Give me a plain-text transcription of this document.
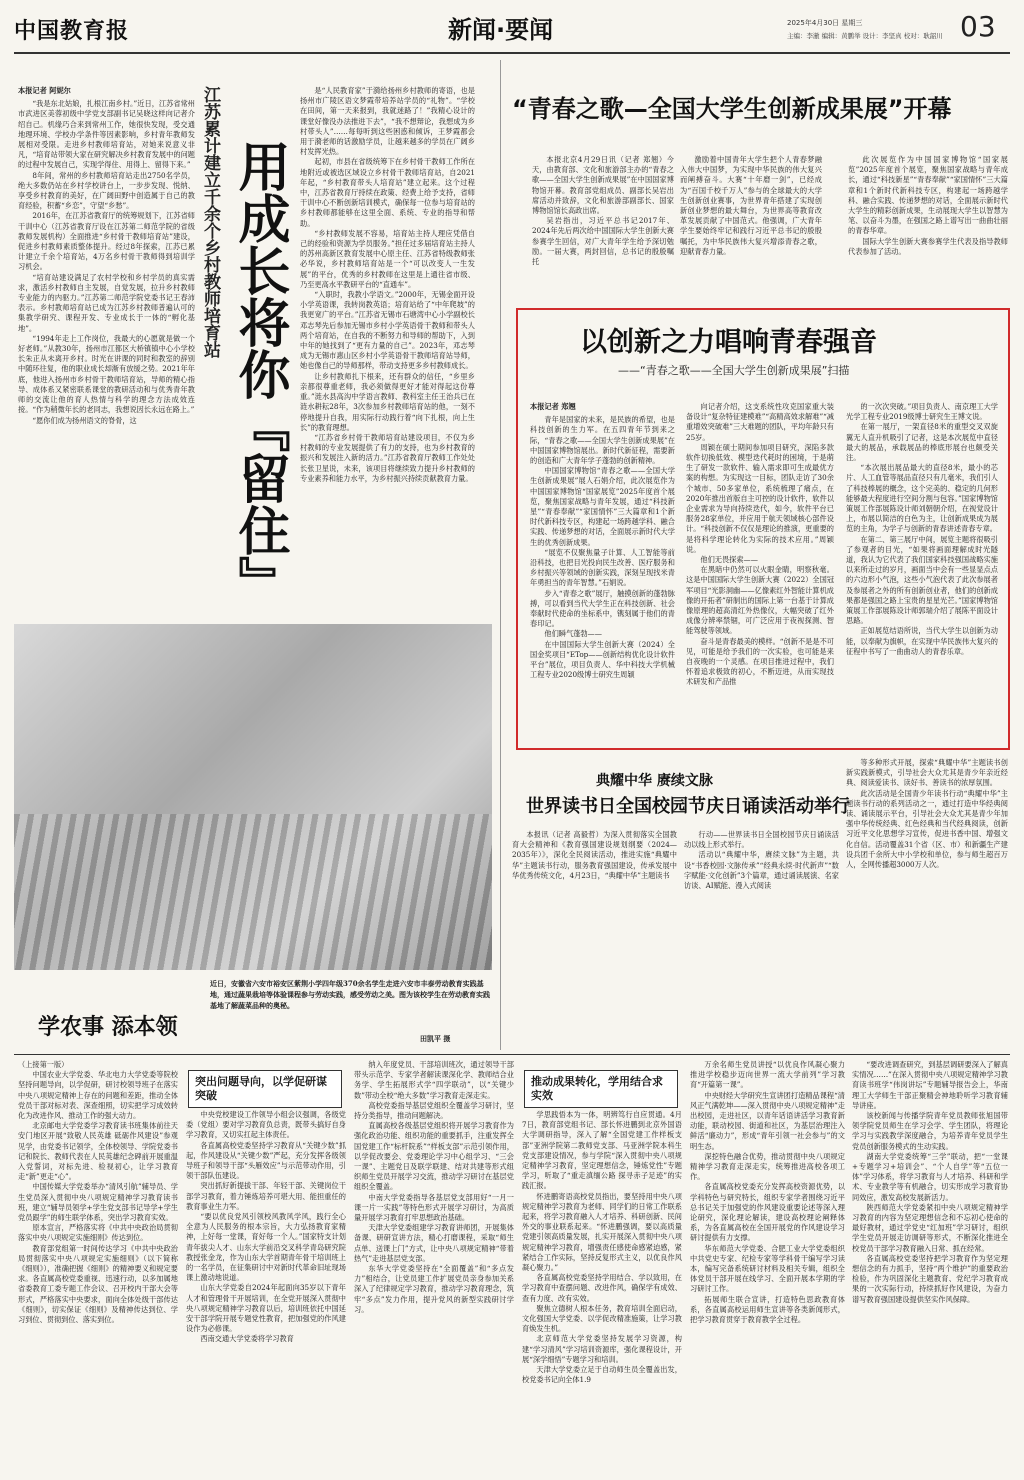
中国教育报	新闻·要闻	2025年4月30日 星期三
主编：李澈 编辑：黄鹏举 设计：李坚真 校对：耿韶川 03

本报记者 阿妮尔

“我是东北姑娘，扎根江南乡村。”近日，江苏省常州市武进区美蓉初级中学党支部副书记吴晓这样向记者介绍自己。机缘巧合来到常州工作，她很快发现，受交通地理环境、学校办学条件等因素影响，乡村青年教师发展相对受限。走进乡村教师培育站，对她来说意义非凡，“培育站带领大家在研究解决乡村教育发展中的问题的过程中发展自己，实现学得住、用得上、留得下来。”

8年间，常州的乡村教师培育站走出2750名学员，绝大多数仍站在乡村学校讲台上，一步步发现、悦纳、享受乡村教育的美好，在广阔田野中创造属于自己的教育经验，积蓄“乡恋”，守望“乡愁”。

2016年，在江苏省教育厅的统筹规划下，江苏省师干训中心（江苏省教育厅设在江苏第二师范学院的省级教师发展机构）全面推进“乡村骨干教师培育站”建设，促进乡村教师素质整体提升。经过8年探索，江苏已累计建立千余个培育站，4万名乡村骨干教师得到培训学习机会。

“培育站建设满足了农村学校和乡村学员的真实需求，激活乡村教师自主发展，自觉发展，拉升乡村教师专业能力的内驱力。”江苏第二师范学院党委书记王春沛表示。乡村教师培育站已成为江苏乡村教师普遍认可的集教学研究、课程开发、专业成长于一体的“孵化基地”。

“1994年走上工作岗位，我最大的心愿就是做一个好老师。”从教30年，扬州市江都区大桥镇镇中心小学校长朱正从未离开乡村。时光在讲课的同时和教室的辞别中随环往复，他的职业成长却渐有放缓之势。2021年年底，他进入扬州市乡村骨干教师培育站，导师的精心指导、成体系又紧密联系课堂的教研活动和与优秀青年教师的交流让他的育人热情与科学的理念方法成效连接。“作为稍微年长的老同志，我想说因长永远在路上。”

“愿你们成为扬州语文的脊骨，这	用成长将你『留住』
江苏累计建立千余个乡村教师培育站	是“人民教育家”于漪给扬州乡村教师的寄语，也是扬州市广陵区语文梦霞带培养站学员的“礼物”。“学校在田间，第一天来报到，我就迷路了！”我精心设计的课堂好像没办法推进下去”，“我不想辩论，我想成为乡村带头人”……每每听到这些困惑和倾诉，王梦霞都会用于漪老师的话激励学员，让越来越多的学员在广阔乡村发挥光热。

起初，市县在省级统筹下在乡村骨干教师工作所在地附近或被选区域设立乡村骨干教师培育站，自2021年起，“乡村教育带头人培育站”建立起来。这个过程中，江苏省教育厅持续在政策、经费上给予支持，省师干训中心不断创新培训模式，确保每一位参与培育站的乡村教师都能够在这里全面、系统、专业的指导和帮助。

“乡村教师发展不容易，培育站主持人理应凭借自己的经验和资源为学员服务。”担任过多届培育站主持人的苏州高新区教育发展中心原主任、江苏省特级教师张必华说，乡村教师培育站是一个“可以改变人一生发展”的平台，优秀的乡村教师在这里是上通往省市级、乃至更高水平教研平台的“直通车”。

“入职时，我教小学语文。”2000年，无锡金面开设小学英语课，我转岗教英语；培育站给了“中年爬坡”的我更宽广的平台。”江苏省无锡市石塘湾中心小学副校长邓志琴先后参加无锡市乡村小学英语骨干教师和带头人两个培育站，在自我的不断努力和导师的帮助下，入到中年的她找到了“更有力量的自己”。2023年，邓志琴成为无锡市惠山区乡村小学英语骨干教师培育站导师，她也像自己的导师那样，带动支持更多乡村教师成长。

让乡村教师扎下根来，还有群众的信任，“乡里乡亲都很尊重老师，我必须做得更好才能对得起这份尊重。”涟水县高沟中学语言教师、教科室主任王治兵已在涟水耕耘28年，3次参加乡村教师培育站的他，一刻不停地提升自我，用实际行动践行着“向下扎根，向上生长”的教育理想。

“江苏省乡村骨干教师培育站建设项目，不仅为乡村教师的专业发展提供了有力的支持，也为乡村教育的振兴和发展注入新的活力。”江苏省教育厅教师工作处处长张卫星说，未来，该项目将继续致力提升乡村教师的专业素养和能力水平，为乡村振兴持续贡献教育力量。

学农事 添本领
近日，安徽省六安市裕安区紫荆小学四年级370余名学生走进六安市丰泰劳动教育实践基地，通过蔬果栽培等体验课程参与劳动实践，感受劳动之美。图为该校学生在劳动教育实践基地了解蔬菜品种的奥秘。
田凯平 摄
“青春之歌—全国大学生创新成果展”开幕

本报北京4月29日讯（记者 郑翘）今天，由教育部、文化和旅游部主办的“青春之歌——全国大学生创新成果展”在中国国家博物馆开幕。教育部党组成员、副部长吴岩出席活动并致辞，文化和旅游部副部长、国家博物馆馆长高政出席。

吴岩指出，习近平总书记2017年、2024年先后两次给中国国际大学生创新大赛参赛学生回信，对广大青年学生给予深切勉励。一届大赛，两封回信，总书记的殷殷嘱托

激励着中国青年大学生把个人青春梦融入伟大中国梦，为实现中华民族的伟大复兴而阐搏奋斗。大赛“十年磨一剑”，已经成为“百国千校千万人”参与的全球最大的大学生创新创业赛事，为世界青年搭建了实现创新创业梦想的最大舞台，为世界高等教育改革发展贡献了中国范式。他强调，广大青年学生要始终牢记和践行习近平总书记的殷殷嘱托，为中华民族伟大复兴增添青春之歌，迎献青春力量。

此次展览作为中国国家博物馆“国家展览”2025年度首个展览，聚焦国家战略与青年成长，通过“科技新星”“青春奉献”“家国情怀”三大篇章和1个新时代新科技专区，构建起一场跨越学科、融合实践、传递梦想的对话，全面展示新时代大学生的精彩创新成果，生动展现大学生以智慧为笔、以奋斗为墨，在强国之路上谱写出一曲曲壮丽的青春华章。

国际大学生创新大赛参赛学生代表及指导教师代表参加了活动。

以创新之力唱响青春强音
——“青春之歌——全国大学生创新成果展”扫描

本报记者 郑翘

青年是国家的未来，是民族的希望，也是科技创新的生力军。在五四青年节到来之际，“青春之歌——全国大学生创新成果展”在中国国家博物馆展出。新时代新征程，需要新的创造和广大青年学子蓬勃的创新精神。

中国国家博物馆“青春之歌——全国大学生创新成果展”展人石娟介绍，此次展览作为中国国家博物馆“国家展览”2025年度首个展览，聚焦国家战略与青年发展，通过“科技新星”“青春奉献”“家国情怀”三大篇章和1个新时代新科技专区，构建起一场跨越学科、融合实践、传递梦想的对话，全面展示新时代大学生的优秀创新成果。

“展览不仅聚焦量子计算、人工智能等前沿科技，也把目光投向民生改善、医疗服务和乡村振兴等领域的创新实践，深刻呈现找米青年勇担当的青年智慧。”石娟说。

步入“青春之歌”展厅，触摸创新的蓬勃脉搏，可以看到当代大学生正在科技创新、社会奉献时代使命的坐标系中，镌刻属于他们的青春印记。

他们瞬气蓬勃——

在中国国际大学生创新大赛（2024）全国金奖项目“ETop——创新结构优化设计软件平台”展位，项目负责人、华中科技大学机械工程专业2020级博士研究生周颖

向记者介绍，这支系统性攻克国家重大装备设计“复杂特征建模难”“高精高效求解难”“减重增效突破难”三大难题的团队，平均年龄只有25岁。

周颖在硕士期间参加项目研究，深陷多款软件切换低效、模型迭代耗时的困境，于是萌生了研发一款软件、输入需求即可生成最优方案的构想。为实现这一目标，团队走访了30余个城市、50多家单位，系统梳理了痛点，在2020年推出首版自主可控的设计软件，软件以企业需求为导向持续迭代，如今，软件平台已服务28家单位，并应用于航天领域核心部件设计。“科技创新不仅仅是理论的推演，更重要的是将科学理论转化为实际的技术应用。”周颖说。

他们无畏探索——

在黑暗中仍然可以火眼金睛，明察秋毫。这是中国国际大学生创新大赛（2022）全国冠军项目“光影洞幽——亿像素红外智能计算机成像的开拓者”研制出的国际上第一台基于计算成像原理的超高清红外热像仪，大幅突破了红外成像分辨率禁锢，可广泛应用于夜视探测、智能驾驶等领域。

奋斗是青春最美的模样。“创新不是是不可见，可能是给予我们的一次实验，也可能是来自夜晚的一个灵感。在项目推进过程中，我们怀着追求极致的初心，不断迈进，从而实现技术研发和产品推

的一次次突破。”项目负责人、南京理工大学光学工程专业2019级博士研究生王博文说。

在第一展厅，一架直径8米的重型交叉双旋翼无人直升机吸引了记者，这是本次展览中直径最大的展品，承载展品的棒底形展台也颇受关注。

“本次展出展品最大的直径8米，最小的芯片、人工血管等展品直径只有几毫米，我们引人了科技棒展的概念，这个完美的、稳定的几何形能够最大程度进行空间分割与包容。”国家博物馆策展工作部展陈设计师刘朝朝介绍，在视觉设计上，布展以简洁的白色为主，让创新成果成为展览的主角，为学子与创新的青春讲述青春专章。

在第二、第三展厅中间，展览主题将很吸引了参观者的目光，“如果将画面理解成时光隧道，我认为它代表了我们国家科技强国战略实施以来所走过的岁月，画面当中会有一些显显点点的六边形小气泡，这些小气泡代表了此次参展者及参展者之外的所有创新创业者，他们的创新成果都是强国之路上宝贵的星星光芒。”国家博物馆策展工作部展陈设计师郭瑞介绍了展陈平面设计思路。

正如展览结语所说，当代大学生以创新为动能，以奉献为旗帜，在实现中华民族伟大复兴的征程中书写了一曲曲动人的青春乐章。

典耀中华 赓续文脉
世界读书日全国校园节庆日诵读活动举行

本报讯（记者 高毅哲）为深入贯彻落实全国教育大会精神和《教育强国建设规划纲要（2024—2035年）》，深化全民阅读活动，推进实施“典耀中华”主题读书行动，服务教育强国建设，传承发展中华优秀传统文化，4月23日，“典耀中华”主题读书

行动——世界读书日全国校园节庆日诵读活动以线上形式举行。

活动以“典耀中华，赓续文脉”为主题，共设“书香校园·文脉传承”“经典永续·时代新声”“数字赋能·文化创新”3个篇章，通过诵读展演、名家访谈、AI赋能、漫入式阅读

等多种形式开展，探索“典耀中华”主题读书创新实践新模式，引导社会大众尤其是青少年亲近经典、阅读爱读书、读好书、善读书的浓厚氛围。

此次活动是全国青少年读书行动“典耀中华”主题读书行动的系列活动之一，通过打造中华经典阅读、诵读展示平台，引导社会大众尤其是青少年加强中华传统经典、红色经典和当代经典阅读，创新习近平文化思想学习宣传，促进书香中国、增强文化自信。活动覆盖31个省（区、市）和新疆生产建设兵团千余所大中小学校和单位，参与师生超百万人，全网传播超3000万人次。

（上接第一版）

中国农业大学党委、华北电力大学党委等院校坚持问题导向，以学促研，研讨校领导班子在落实中央八项规定精神上存在的问题和差距，推动全体党员干部对标对表、深查细照，切实把学习成效转化为改进作风、推动工作的强大动力。

北京邮电大学党委学习教育读书班集体前往天安门地区开展“致敬人民英雄 砥砺作风建设”参观见学，由党委书记领学，全体校领导、学院党委书记和院长、教师代表在人民英雄纪念碑前开展重温入党誓词，对标先进、检视初心，让学习教育走“新”更走“心”。

中国传媒大学党委举办“清风引航”辅导员、学生党员深入贯彻中央八项规定精神学习教育读书班，建立“辅导员领学+学生党支部书记导学+学生党员跟学”的师生联学体系，突出学习教育实效。

原本宣言，严格落实将《中共中央政治局贯彻落实中央八项规定实施细则》传达到位。

教育部党组第一时间传达学习《中共中央政治局贯彻落实中央八项规定实施细则》（以下简称《细则》），准确把握《细则》的精神要义和规定要求。各直属高校党委重视、迅速行动，以多加属地省委教育工委专题工作会议、召开校内干部大会等形式，严格落实中央要求，面向全体处级干部传达《细则》，切实保证《细则》及精神传达到位、学习到位、贯彻到位、落实到位。

突出问题导向，以学促研谋突破

中央党校建设工作领导小组会议强调，各级党委（党组）要对学习教育负总责，既带头搞好自身学习教育，又切实扛起主体责任。

各直属高校党委坚持学习教育从“关键少数”抓起，作风建设从“关键少数”严起，充分发挥各级领导班子和领导干部“头雁效应”与示范带动作用，引领干部队伍建设。

突出抓好新提拔干部、年轻干部、关键岗位干部学习教育，着力锤炼培养可堪大用、能担重任的教育事业生力军。

“要以优良党风引领校风教风学风，践行全心全意为人民服务的根本宗旨，大力弘扬教育家精神，上好每一堂课，育好每一个人。”国家特支计划青年拔尖人才、山东大学前沿交叉科学青岛研究院教授张金龙，作为山东大学首期青年骨干培训班上的一名学员，在征集研讨中对新时代革命旧址现场课上激动地说道。

山东大学党委自2024年起面向35岁以下青年人才和管理骨干开展培训，在全党开展深入贯彻中央八项规定精神学习教育以后，培训班依托中国延安干部学院开展专题党性教育，把加强党的作风建设作为必修课。

西南交通大学党委将学习教育

纳入年度党员、干部培训班次，通过领导干部带头示范学、专家学者解读课深化学、教师结合业务学、学生拓展形式学“四学联动”，以“关键少数”带动全校“绝大多数”学习教育走深走实。

高校党委指导基层党组织全覆盖学习研讨，坚持分类指导，推动问题解决。

直属高校各级基层党组织将开展学习教育作为强化政治功能、组织功能的重要抓手，注重发挥全国党建工作“标杆院系”“样板支部”示范引领作用，以学促改要会、党委理论学习中心组学习、“三会一课”、主题党日及联学联建、结对共建等形式组织师生党员开展学习交流，推动学习研讨在基层党组织全覆盖。

中南大学党委指导各基层党支部用好“一月一课一片一实践”等特色形式开展学习研讨，为高质量开展学习教育打牢思想政治基础。

天津大学党委组建学习教育讲师团，开展集体备课、研研宣讲方法，精心打磨课程，采取“师生点单、送课上门”方式，让中央八项规定精神“带着热气”走进基层党支部。

东华大学党委坚持在“全面覆盖”和“多点发力”相结合，让党员建工作扩展党员亲身参加关系深入了纪律规定学习教育，推动学习教育理念，筑牢“多点”发力作用，提升党风的新型实践研讨学习。

推动成果转化，学用结合求实效

学思践悟本为一体，明辨笃行自应贯通。4月7日，教育部党组书记、部长怀进鹏到北京外国语大学调研指导，深入了解“全国党建工作样板支部”亚洲学院第二教师党支部、马亚洲学院本科生党支部建设情况，参与学院“深入贯彻中央八项规定精神学习教育，坚定理想信念，锤炼党性”专题学习，听取了“重走滇缅公路 探寻赤子足迹”的实践汇报。

怀进鹏寄语高校党员指出，要坚持用中央八项规定精神学习教育为老师、同学们的日常工作联系起来，将学习教育融入人才培养、科研创新、民间外交的事业联系起来。“怀进鹏强调，要以高质量党建引领高质量发展，扎实开展深入贯彻中央八项规定精神学习教育，增强责任感使命感紧迫感，紧紧结合工作实际，坚持反复形式主义，以优良作风凝心聚力。”

各直属高校党委坚持学用结合、学以致用，在学习教育中查摆问题、改进作风，确保学有成效、查有力度、改有实效。

聚焦立德树人根本任务，教育培训全面启动，文化强国大学党委、以学促改精准施策，让学习教育焕发生机。

北京师范大学党委坚持发展学习资源，构建“学习清风”学习培训资源库，强化课程设计，开展“深学细悟”专题学习和培训。

天津大学党委立足于自动师生员全覆盖出发，校党委书记向全体1.9

万余名师生党员讲授“以优良作风凝心聚力 推进学校稳步迈向世界一流大学前列”学习教育“开篇第一课”。

中央财经大学研究生宣讲团打造精品课程“清风正气满乾坤——深入贯彻中央八项规定精神”走出校园，走进社区，以青年话语讲活学习教育新动能，联动校园、街道和社区，为基层治理注入鲜活“廉动力”，形成“青年引领一社会参与”的文明生态。

深挖特色融合优势，推动贯彻中央八项规定精神学习教育走深走实，统筹推进高校各项工作。

各直属高校党委充分发挥高校资源优势，以学科特色与研究特长，组织专家学者围绕习近平总书记关于加强党的作风建设重要论述等深入理论研究，深化理论解读，建设高校理论阐释体系，为各直属高校在全国开展党的作风建设学习研讨提供有力支撑。

华东师范大学党委、合肥工业大学党委组织中共党史专家、纪检专家等学科骨干编写学习读本，编写完备系统研讨材料及相关专辑，组织全体党员干部开展在线学习、全面开展本学期的学习研讨工作。

拓展师生联合宣讲，打造特色思政教育体系，各直属高校运用师生宣讲等各类新闻形式，把学习教育贯穿于教育教学全过程。

“要改进调查研究，到基层调研要深入了解真实情况……”在深入贯彻中央八项规定精神学习教育读书班学“伟岗讲坛”专题辅导报告会上，华南理工大学师生干部正聚精会神地聆听学习教育辅导讲座。

该校新闻与传播学院青年党员教师张旭国带领学院党员师生在学习会学、学生团队，将理论学习与实践教学深度融合，为培养青年党员学生党员创新服务模式的生动实践。

湖南大学党委统筹“三学”联动，把“一堂课+专题学习+培训会”、“个人自学”等“五位一体”学习体系，将学习教育与人才培养、科研和学术、专业教学等有机融合，切实形成学习教育协同效应，激发高校发展新活力。

陕西师范大学党委紧扣中央八项规定精神学习教育的内容为坚定理想信念和不忘初心使命的最好教材，通过学党史“红加班”学习研讨，组织学生党员开展走访调研等形式，不断深化推进全校党员干部学习教育融入日常、抓在经常。

各直属高校党委坚持把学习教育作为坚定理想信念的有力抓手，坚持“两个维护”的重要政治检验，作为巩固深化主题教育、党纪学习教育成果的一次实际行动，持续抓好作风建设，为奋力谱写教育强国建设提供坚实作风保障。
